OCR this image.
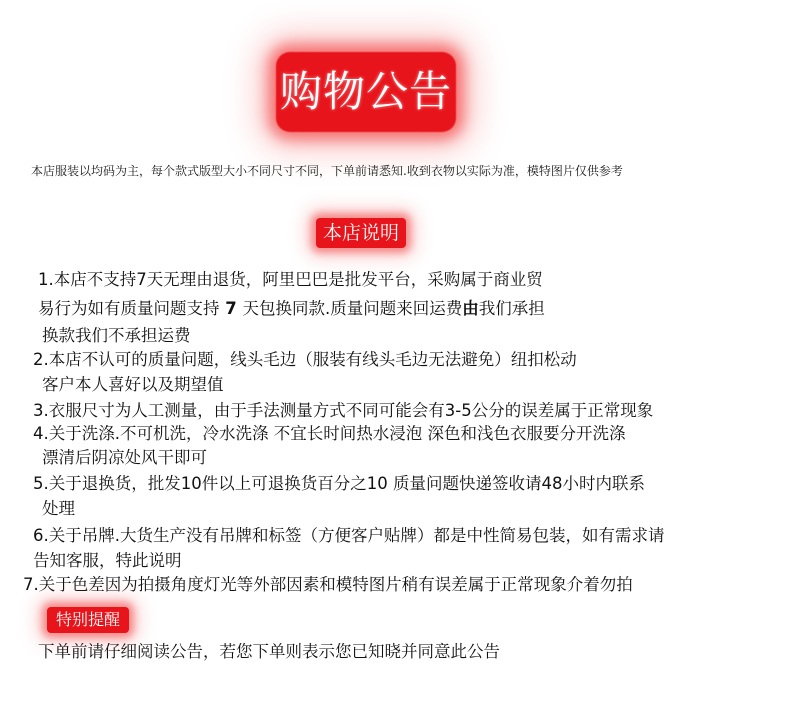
购物公告
本店服装以均码为主，每个款式版型大小不同尺寸不同，下单前请悉知.收到衣物以实际为准，模特图片仅供参考
本店说明
1.本店不支持7天无理由退货，阿里巴巴是批发平台，采购属于商业贸
易行为如有质量问题支持 7 天包换同款.质量问题来回运费由我们承担
换款我们不承担运费
2.本店不认可的质量问题，线头毛边（服装有线头毛边无法避免）纽扣松动
客户本人喜好以及期望值
3.衣服尺寸为人工测量，由于手法测量方式不同可能会有3-5公分的误差属于正常现象
4.关于洗涤.不可机洗，冷水洗涤 不宜长时间热水浸泡 深色和浅色衣服要分开洗涤
漂清后阴凉处风干即可
5.关于退换货，批发10件以上可退换货百分之10 质量问题快递签收请48小时内联系
处理
6.关于吊牌.大货生产没有吊牌和标签（方便客户贴牌）都是中性简易包装，如有需求请
告知客服，特此说明
7.关于色差因为拍摄角度灯光等外部因素和模特图片稍有误差属于正常现象介着勿拍
特别提醒
下单前请仔细阅读公告，若您下单则表示您已知晓并同意此公告
